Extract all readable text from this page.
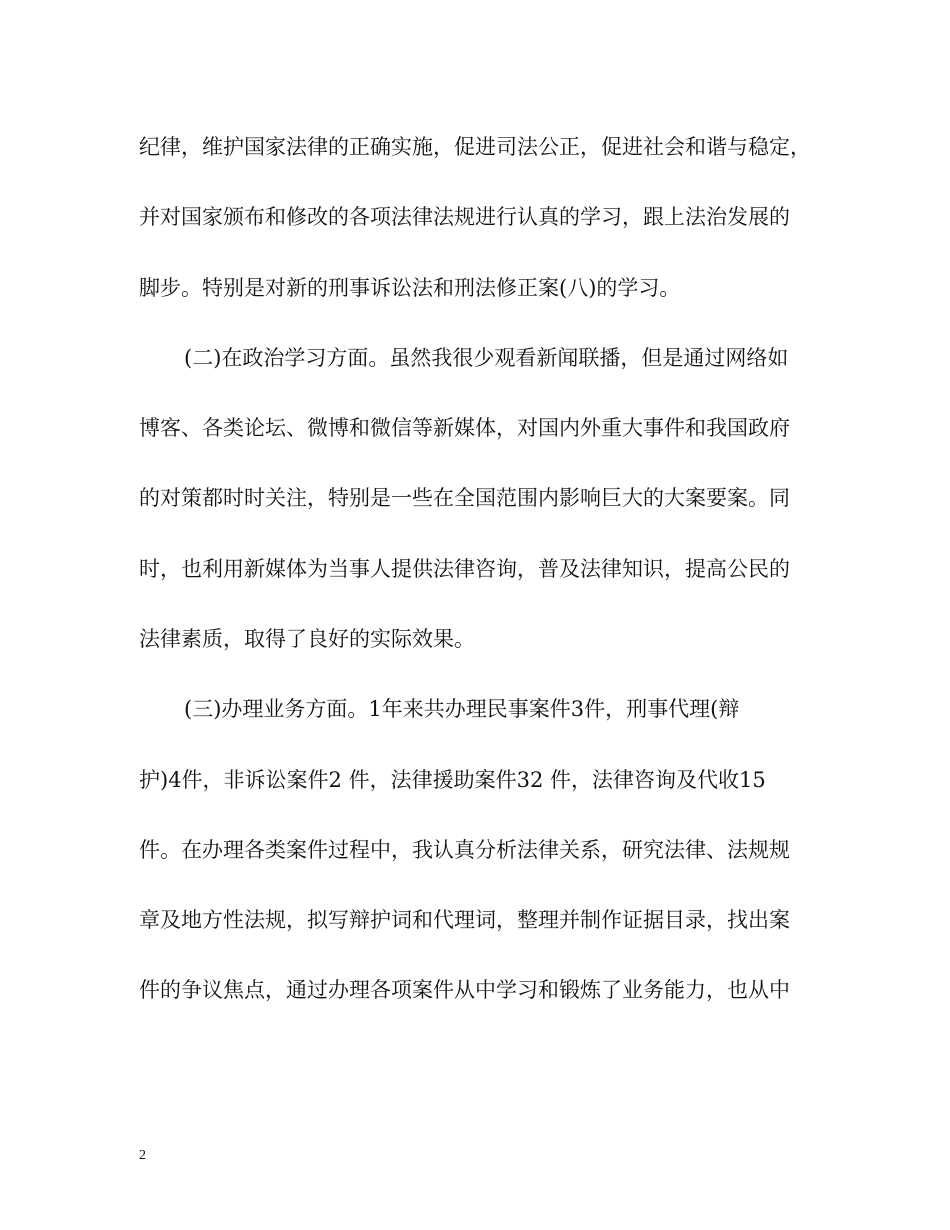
纪律，维护国家法律的正确实施，促进司法公正，促进社会和谐与稳定，
并对国家颁布和修改的各项法律法规进行认真的学习，跟上法治发展的
脚步。特别是对新的刑事诉讼法和刑法修正案(八)的学习。
(二)在政治学习方面。虽然我很少观看新闻联播，但是通过网络如
博客、各类论坛、微博和微信等新媒体，对国内外重大事件和我国政府
的对策都时时关注，特别是一些在全国范围内影响巨大的大案要案。同
时，也利用新媒体为当事人提供法律咨询，普及法律知识，提高公民的
法律素质，取得了良好的实际效果。
(三)办理业务方面。1年来共办理民事案件3件，刑事代理(辩
护)4件，非诉讼案件2 件，法律援助案件32 件，法律咨询及代收15
件。在办理各类案件过程中，我认真分析法律关系，研究法律、法规规
章及地方性法规，拟写辩护词和代理词，整理并制作证据目录，找出案
件的争议焦点，通过办理各项案件从中学习和锻炼了业务能力，也从中
2
